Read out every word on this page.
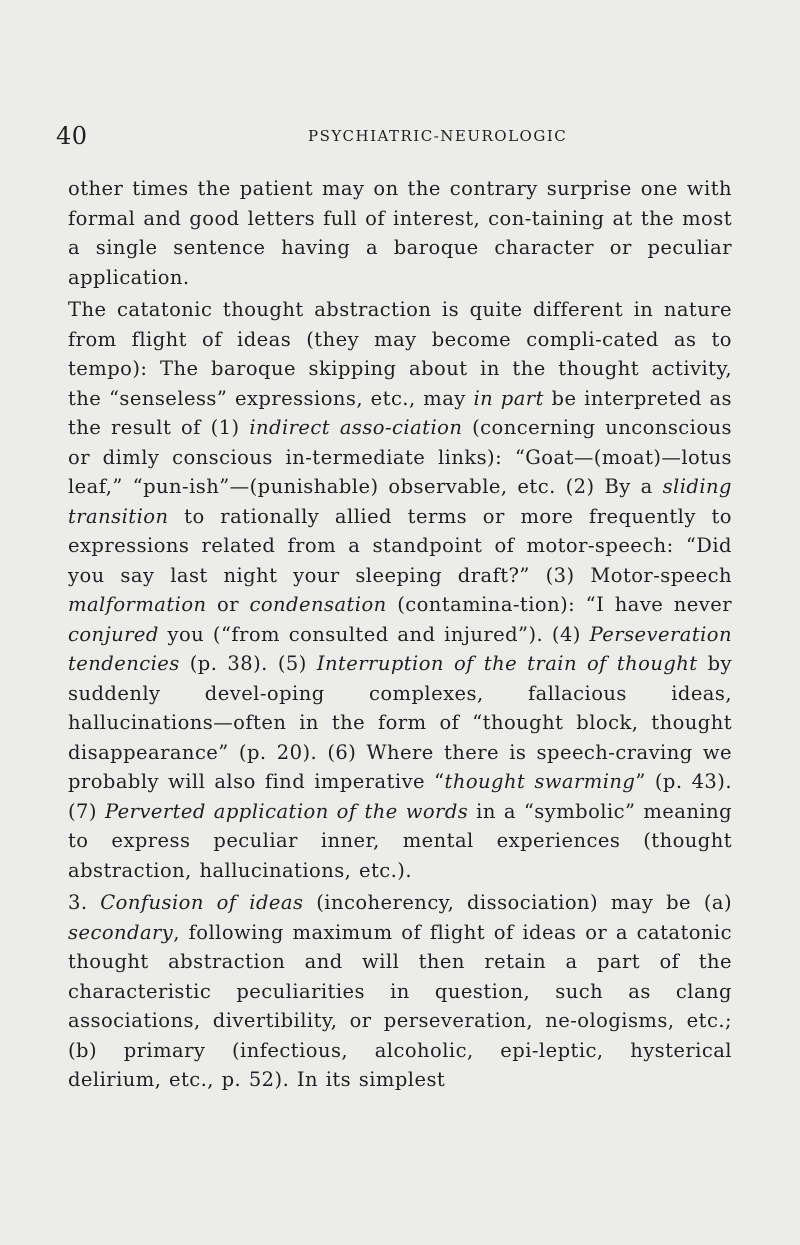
40	PSYCHIATRIC-NEUROLOGIC

other times the patient may on the contrary surprise one with formal and good letters full of interest, con-taining at the most a single sentence having a baroque character or peculiar application.

The catatonic thought abstraction is quite different in nature from flight of ideas (they may become compli-cated as to tempo): The baroque skipping about in the thought activity, the “senseless” expressions, etc., may in part be interpreted as the result of (1) indirect asso-ciation (concerning unconscious or dimly conscious in-termediate links): “Goat—(moat)—lotus leaf,” “pun-ish”—(punishable) observable, etc. (2) By a sliding transition to rationally allied terms or more frequently to expressions related from a standpoint of motor-speech: “Did you say last night your sleeping draft?” (3) Motor-speech malformation or condensation (contamina-tion): “I have never conjured you (“from consulted and injured”). (4) Perseveration tendencies (p. 38). (5) Interruption of the train of thought by suddenly devel-oping complexes, fallacious ideas, hallucinations—often in the form of “thought block, thought disappearance” (p. 20). (6) Where there is speech-craving we probably will also find imperative “thought swarming” (p. 43). (7) Perverted application of the words in a “symbolic” meaning to express peculiar inner, mental experiences (thought abstraction, hallucinations, etc.).

3. Confusion of ideas (incoherency, dissociation) may be (a) secondary, following maximum of flight of ideas or a catatonic thought abstraction and will then retain a part of the characteristic peculiarities in question, such as clang associations, divertibility, or perseveration, ne-ologisms, etc.; (b) primary (infectious, alcoholic, epi-leptic, hysterical delirium, etc., p. 52). In its simplest
